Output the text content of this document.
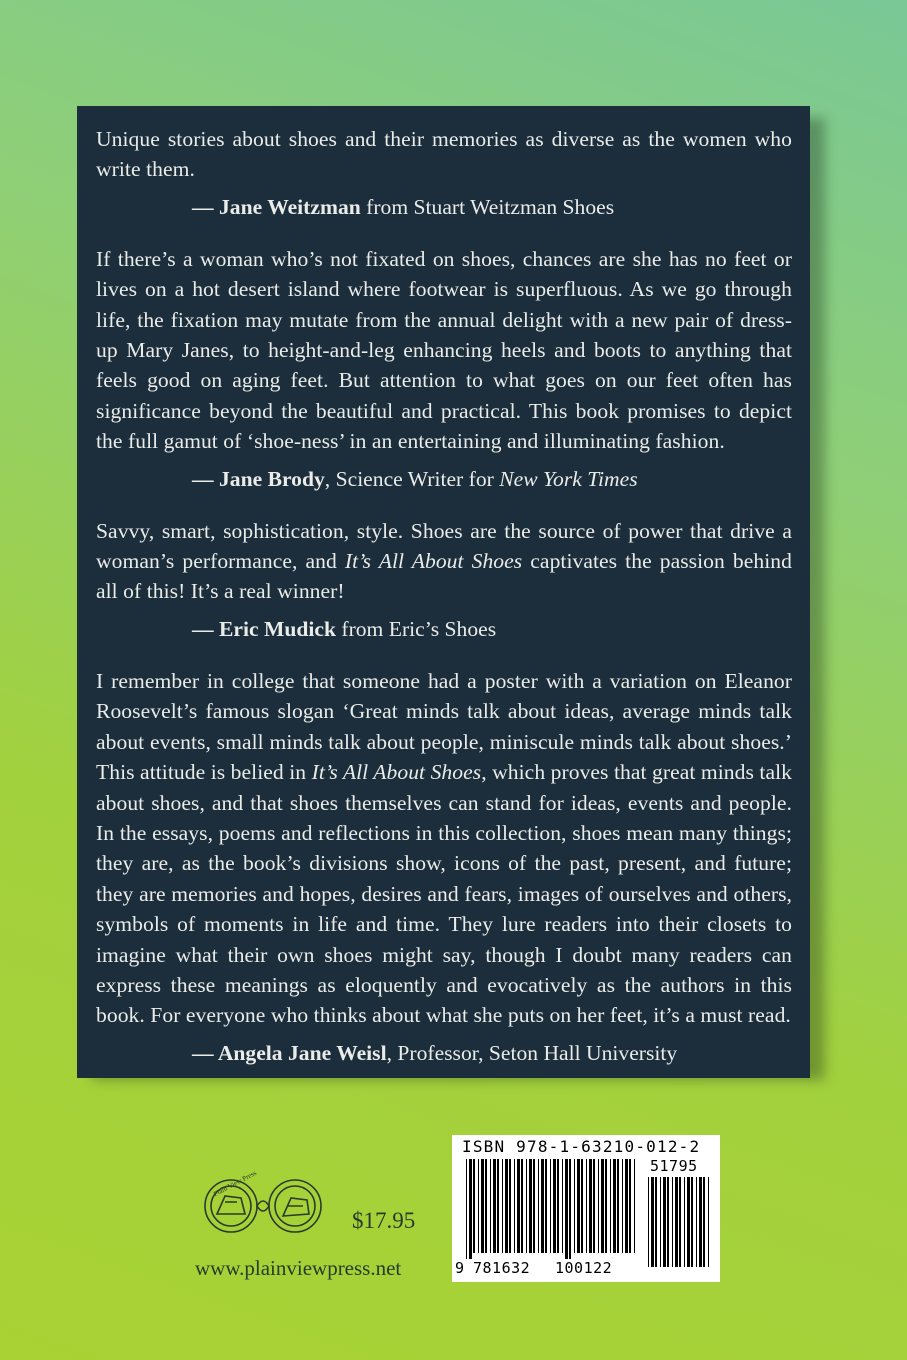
Unique stories about shoes and their memories as diverse as the women who write them.

— Jane Weitzman from Stuart Weitzman Shoes

If there’s a woman who’s not fixated on shoes, chances are she has no feet or lives on a hot desert island where footwear is superfluous. As we go through life, the fixation may mutate from the annual delight with a new pair of dress-up Mary Janes, to height-and-leg enhancing heels and boots to anything that feels good on aging feet. But attention to what goes on our feet often has significance beyond the beautiful and practical. This book promises to depict the full gamut of ‘shoe-ness’ in an entertaining and illuminating fashion.

— Jane Brody, Science Writer for New York Times

Savvy, smart, sophistication, style. Shoes are the source of power that drive a woman’s performance, and It’s All About Shoes captivates the passion behind all of this! It’s a real winner!

— Eric Mudick from Eric’s Shoes

I remember in college that someone had a poster with a variation on Eleanor Roosevelt’s famous slogan ‘Great minds talk about ideas, average minds talk about events, small minds talk about people, miniscule minds talk about shoes.’ This attitude is belied in It’s All About Shoes, which proves that great minds talk about shoes, and that shoes themselves can stand for ideas, events and people. In the essays, poems and reflections in this collection, shoes mean many things; they are, as the book’s divisions show, icons of the past, present, and future; they are memories and hopes, desires and fears, images of ourselves and others, symbols of moments in life and time. They lure readers into their closets to imagine what their own shoes might say, though I doubt many readers can express these meanings as eloquently and evocatively as the authors in this book. For everyone who thinks about what she puts on her feet, it’s a must read.

— Angela Jane Weisl, Professor, Seton Hall University
Plain View Press
$17.95
www.plainviewpress.net
ISBN 978-1-63210-012-2
51795
9 781632 100122
